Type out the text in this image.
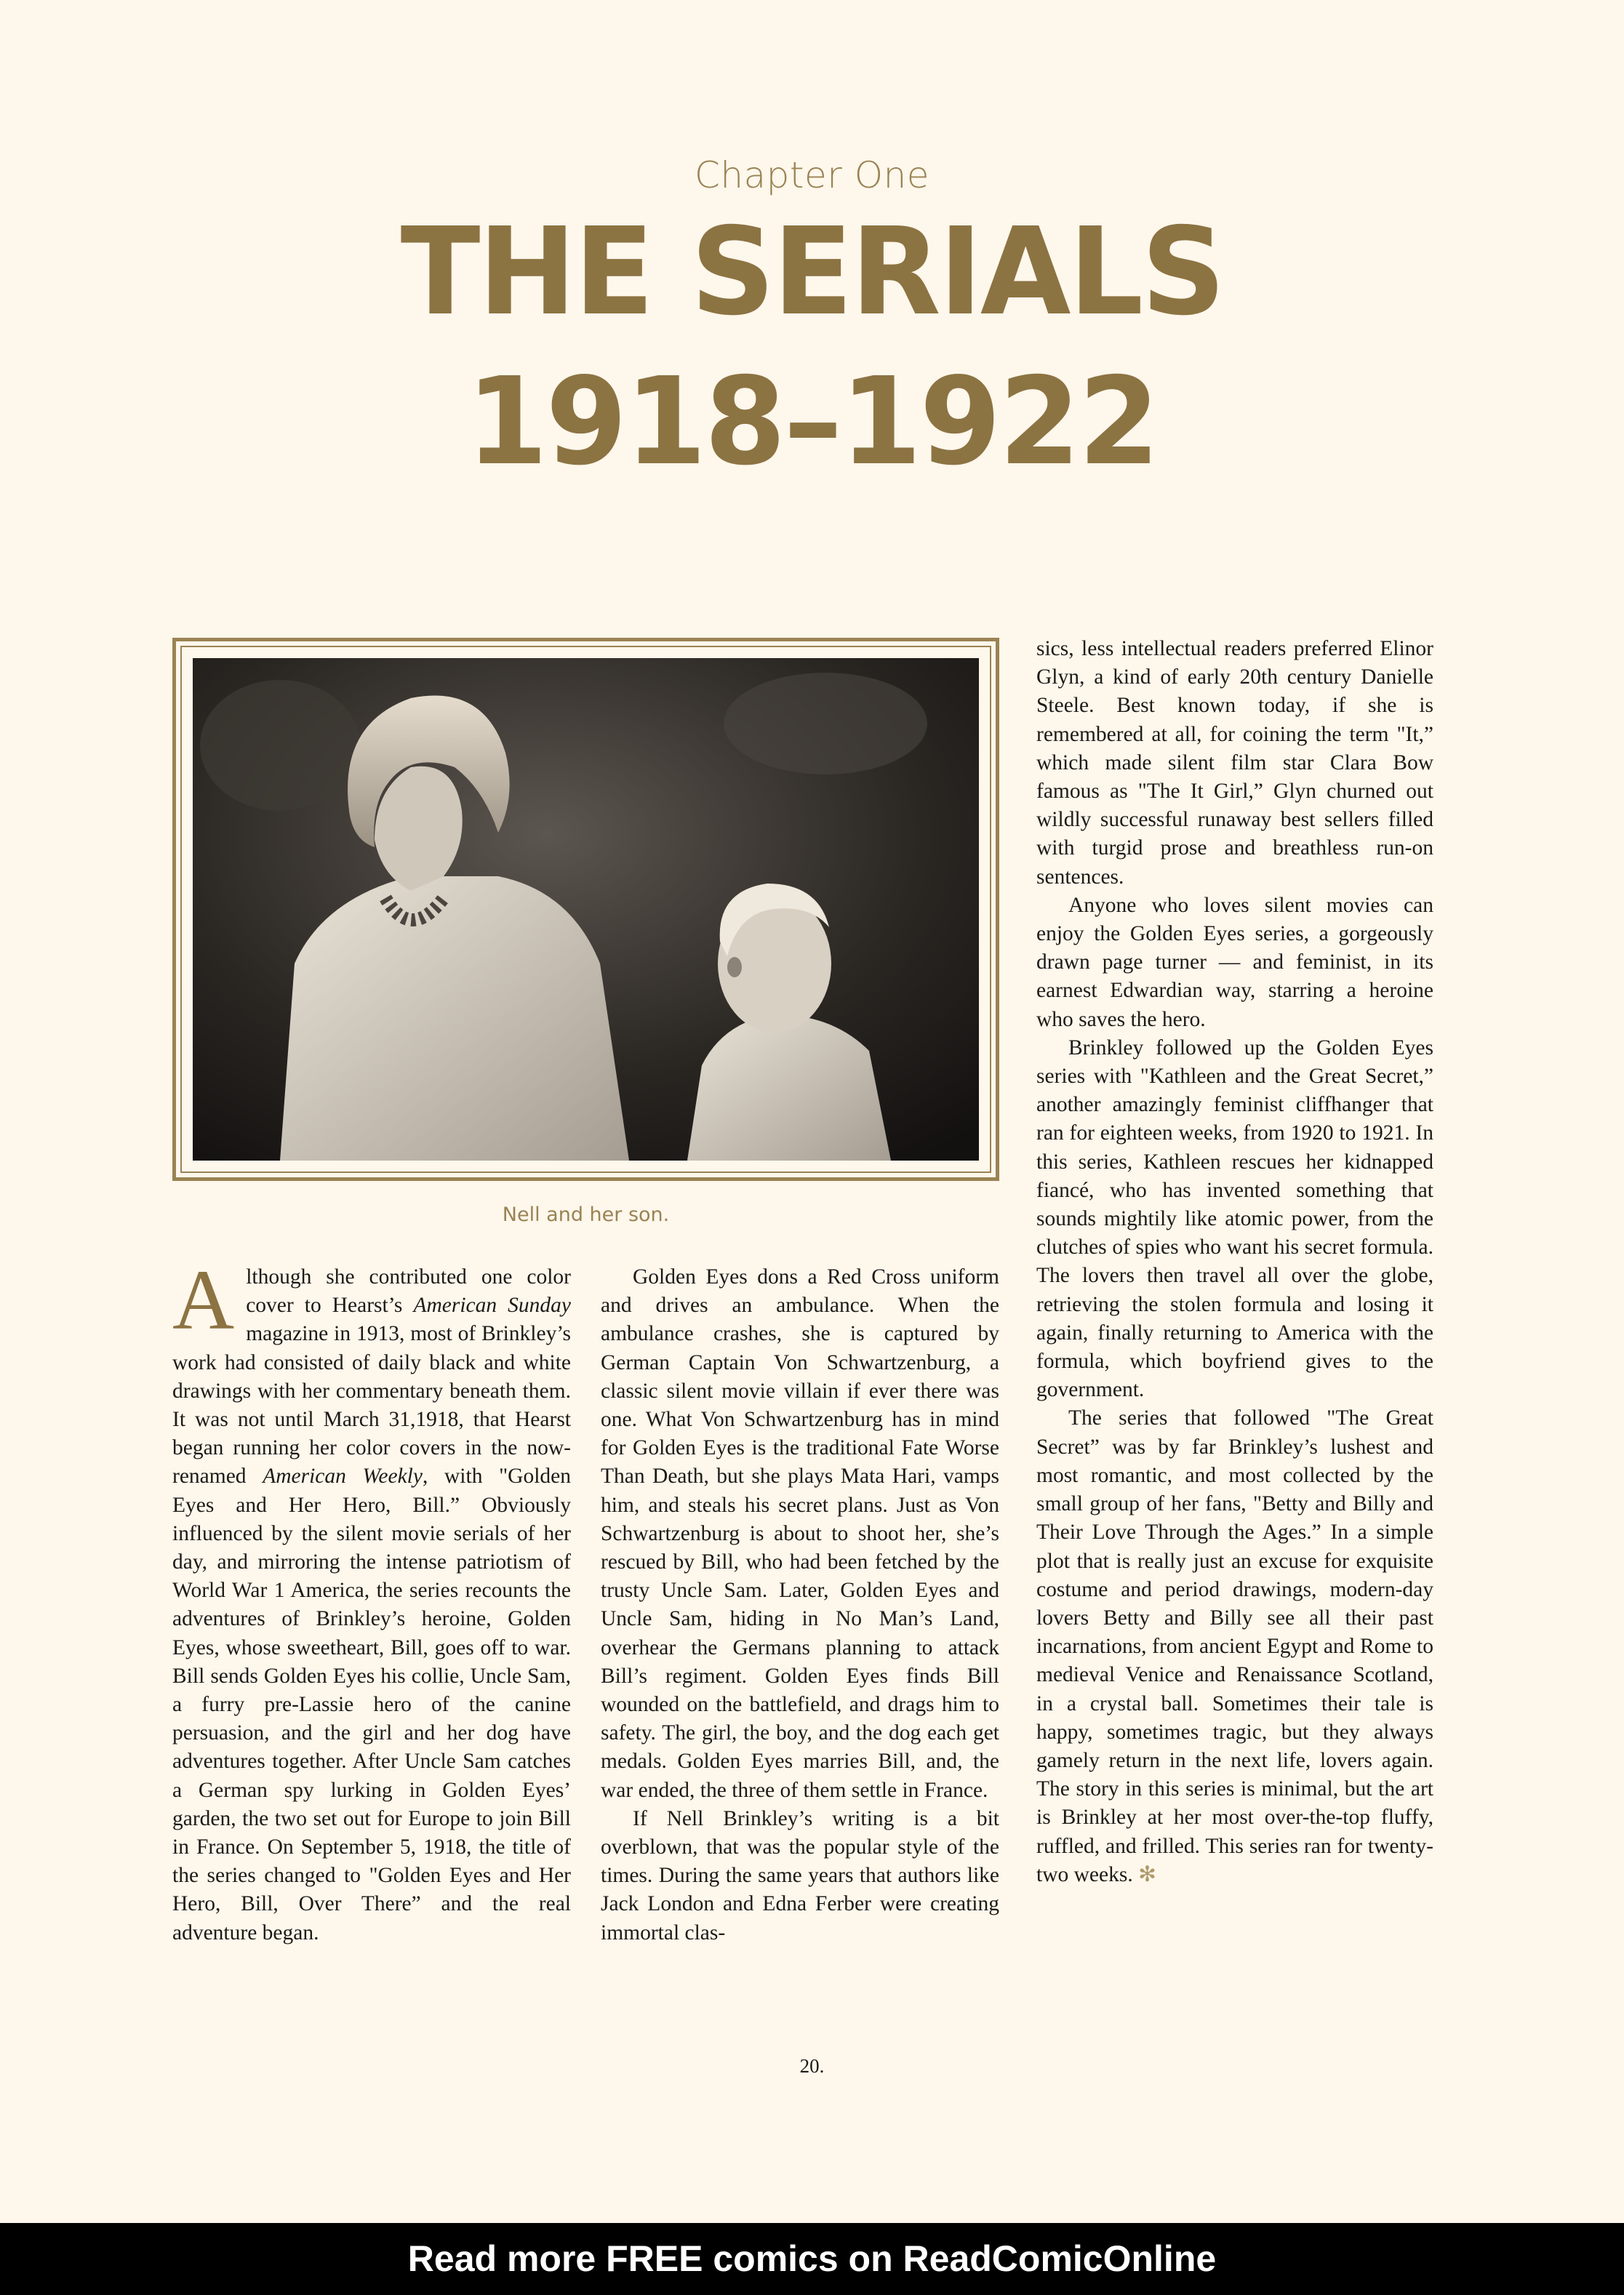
Chapter One
THE SERIALS
1918–1922
Nell and her son.

Although she contributed one color cover to Hearst’s American Sunday magazine in 1913, most of Brinkley’s work had consisted of daily black and white drawings with her commentary beneath them. It was not until March 31,1918, that Hearst began running her color covers in the now-renamed American Weekly, with "Golden Eyes and Her Hero, Bill.” Obviously influenced by the silent movie serials of her day, and mirroring the intense patriotism of World War 1 America, the series recounts the adventures of Brinkley’s heroine, Golden Eyes, whose sweetheart, Bill, goes off to war. Bill sends Golden Eyes his collie, Uncle Sam, a furry pre-Lassie hero of the canine persuasion, and the girl and her dog have adventures together. After Uncle Sam catches a German spy lurking in Golden Eyes’ garden, the two set out for Europe to join Bill in France. On September 5, 1918, the title of the series changed to "Golden Eyes and Her Hero, Bill, Over There” and the real adventure began.

Golden Eyes dons a Red Cross uniform and drives an ambulance. When the ambulance crashes, she is captured by German Captain Von Schwartzenburg, a classic silent movie villain if ever there was one. What Von Schwartzenburg has in mind for Golden Eyes is the traditional Fate Worse Than Death, but she plays Mata Hari, vamps him, and steals his secret plans. Just as Von Schwartzenburg is about to shoot her, she’s rescued by Bill, who had been fetched by the trusty Uncle Sam. Later, Golden Eyes and Uncle Sam, hiding in No Man’s Land, overhear the Germans planning to attack Bill’s regiment. Golden Eyes finds Bill wounded on the battlefield, and drags him to safety. The girl, the boy, and the dog each get medals. Golden Eyes marries Bill, and, the war ended, the three of them settle in France.

If Nell Brinkley’s writing is a bit overblown, that was the popular style of the times. During the same years that authors like Jack London and Edna Ferber were creating immortal clas-

sics, less intellectual readers preferred Elinor Glyn, a kind of early 20th century Danielle Steele. Best known today, if she is remembered at all, for coining the term "It,” which made silent film star Clara Bow famous as "The It Girl,” Glyn churned out wildly successful runaway best sellers filled with turgid prose and breathless run-on sentences.

Anyone who loves silent movies can enjoy the Golden Eyes series, a gorgeously drawn page turner — and feminist, in its earnest Edwardian way, starring a heroine who saves the hero.

Brinkley followed up the Golden Eyes series with "Kathleen and the Great Secret,” another amazingly feminist cliffhanger that ran for eighteen weeks, from 1920 to 1921. In this series, Kathleen rescues her kidnapped fiancé, who has invented something that sounds mightily like atomic power, from the clutches of spies who want his secret formula. The lovers then travel all over the globe, retrieving the stolen formula and losing it again, finally returning to America with the formula, which boyfriend gives to the government.

The series that followed "The Great Secret” was by far Brinkley’s lushest and most romantic, and most collected by the small group of her fans, "Betty and Billy and Their Love Through the Ages.” In a simple plot that is really just an excuse for exquisite costume and period drawings, modern-day lovers Betty and Billy see all their past incarnations, from ancient Egypt and Rome to medieval Venice and Renaissance Scotland, in a crystal ball. Sometimes their tale is happy, sometimes tragic, but they always gamely return in the next life, lovers again. The story in this series is minimal, but the art is Brinkley at her most over-the-top fluffy, ruffled, and frilled. This series ran for twenty-two weeks. ✻

20.
Read more FREE comics on ReadComicOnline
